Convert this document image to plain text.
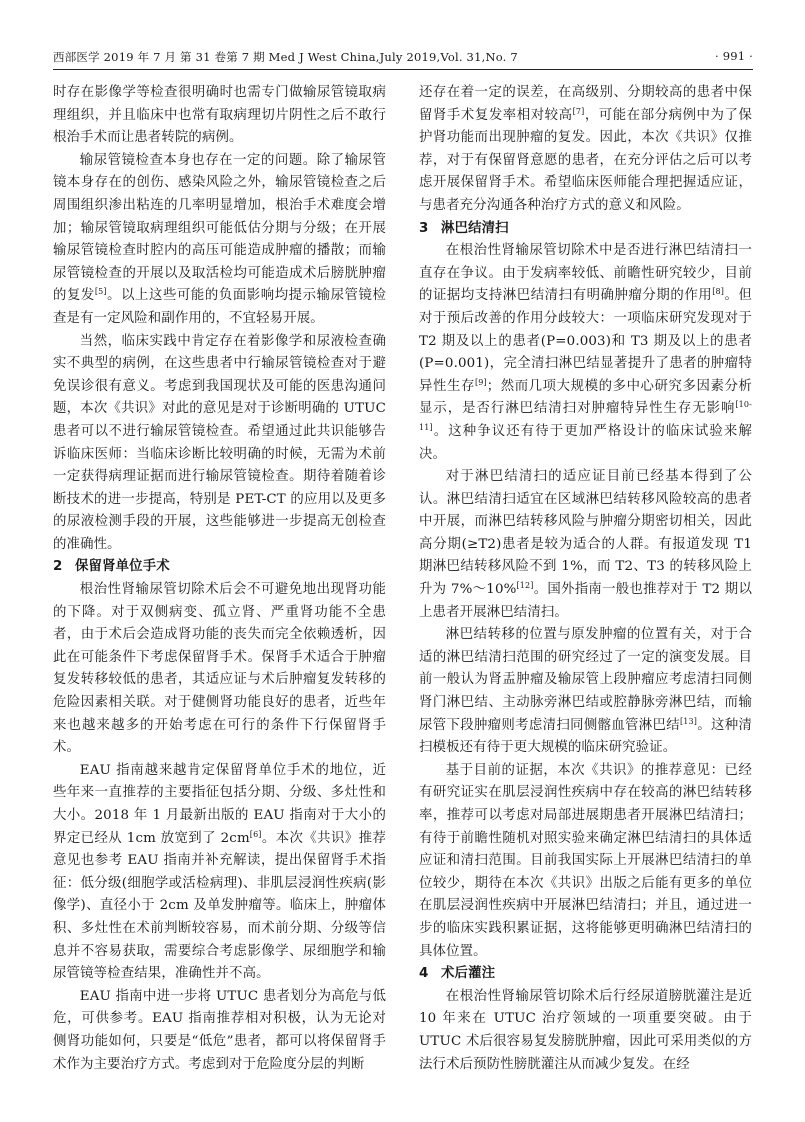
西部医学 2019 年 7 月 第 31 卷第 7 期 Med J West China,July 2019,Vol. 31,No. 7	· 991 ·

时存在影像学等检查很明确时也需专门做输尿管镜取病理组织，并且临床中也常有取病理切片阴性之后不敢行根治手术而让患者转院的病例。

输尿管镜检查本身也存在一定的问题。除了输尿管镜本身存在的创伤、感染风险之外，输尿管镜检查之后周围组织渗出粘连的几率明显增加，根治手术难度会增加；输尿管镜取病理组织可能低估分期与分级；在开展输尿管镜检查时腔内的高压可能造成肿瘤的播散；而输尿管镜检查的开展以及取活检均可能造成术后膀胱肿瘤的复发[5]。以上这些可能的负面影响均提示输尿管镜检查是有一定风险和副作用的，不宜轻易开展。

当然，临床实践中肯定存在着影像学和尿液检查确实不典型的病例，在这些患者中行输尿管镜检查对于避免误诊很有意义。考虑到我国现状及可能的医患沟通问题，本次《共识》对此的意见是对于诊断明确的 UTUC 患者可以不进行输尿管镜检查。希望通过此共识能够告诉临床医师：当临床诊断比较明确的时候，无需为术前一定获得病理证据而进行输尿管镜检查。期待着随着诊断技术的进一步提高，特别是 PET-CT 的应用以及更多的尿液检测手段的开展，这些能够进一步提高无创检查的准确性。

2 保留肾单位手术

根治性肾输尿管切除术后会不可避免地出现肾功能的下降。对于双侧病变、孤立肾、严重肾功能不全患者，由于术后会造成肾功能的丧失而完全依赖透析，因此在可能条件下考虑保留肾手术。保肾手术适合于肿瘤复发转移较低的患者，其适应证与术后肿瘤复发转移的危险因素相关联。对于健侧肾功能良好的患者，近些年来也越来越多的开始考虑在可行的条件下行保留肾手术。

EAU 指南越来越肯定保留肾单位手术的地位，近些年来一直推荐的主要指征包括分期、分级、多灶性和大小。2018 年 1 月最新出版的 EAU 指南对于大小的界定已经从 1cm 放宽到了 2cm[6]。本次《共识》推荐意见也参考 EAU 指南并补充解读，提出保留肾手术指征：低分级(细胞学或活检病理)、非肌层浸润性疾病(影像学)、直径小于 2cm 及单发肿瘤等。临床上，肿瘤体积、多灶性在术前判断较容易，而术前分期、分级等信息并不容易获取，需要综合考虑影像学、尿细胞学和输尿管镜等检查结果，准确性并不高。

EAU 指南中进一步将 UTUC 患者划分为高危与低危，可供参考。EAU 指南推荐相对积极，认为无论对侧肾功能如何，只要是“低危”患者，都可以将保留肾手术作为主要治疗方式。考虑到对于危险度分层的判断

还存在着一定的误差，在高级别、分期较高的患者中保留肾手术复发率相对较高[7]，可能在部分病例中为了保护肾功能而出现肿瘤的复发。因此，本次《共识》仅推荐，对于有保留肾意愿的患者，在充分评估之后可以考虑开展保留肾手术。希望临床医师能合理把握适应证，与患者充分沟通各种治疗方式的意义和风险。

3 淋巴结清扫

在根治性肾输尿管切除术中是否进行淋巴结清扫一直存在争议。由于发病率较低、前瞻性研究较少，目前的证据均支持淋巴结清扫有明确肿瘤分期的作用[8]。但对于预后改善的作用分歧较大：一项临床研究发现对于 T2 期及以上的患者(P=0.003)和 T3 期及以上的患者(P=0.001)，完全清扫淋巴结显著提升了患者的肿瘤特异性生存[9]；然而几项大规模的多中心研究多因素分析显示，是否行淋巴结清扫对肿瘤特异性生存无影响[10-11]。这种争议还有待于更加严格设计的临床试验来解决。

对于淋巴结清扫的适应证目前已经基本得到了公认。淋巴结清扫适宜在区域淋巴结转移风险较高的患者中开展，而淋巴结转移风险与肿瘤分期密切相关，因此高分期(≥T2)患者是较为适合的人群。有报道发现 T1 期淋巴结转移风险不到 1%，而 T2、T3 的转移风险上升为 7%～10%[12]。国外指南一般也推荐对于 T2 期以上患者开展淋巴结清扫。

淋巴结转移的位置与原发肿瘤的位置有关，对于合适的淋巴结清扫范围的研究经过了一定的演变发展。目前一般认为肾盂肿瘤及输尿管上段肿瘤应考虑清扫同侧肾门淋巴结、主动脉旁淋巴结或腔静脉旁淋巴结，而输尿管下段肿瘤则考虑清扫同侧髂血管淋巴结[13]。这种清扫模板还有待于更大规模的临床研究验证。

基于目前的证据，本次《共识》的推荐意见：已经有研究证实在肌层浸润性疾病中存在较高的淋巴结转移率，推荐可以考虑对局部进展期患者开展淋巴结清扫；有待于前瞻性随机对照实验来确定淋巴结清扫的具体适应证和清扫范围。目前我国实际上开展淋巴结清扫的单位较少，期待在本次《共识》出版之后能有更多的单位在肌层浸润性疾病中开展淋巴结清扫；并且，通过进一步的临床实践积累证据，这将能够更明确淋巴结清扫的具体位置。

4 术后灌注

在根治性肾输尿管切除术后行经尿道膀胱灌注是近 10 年来在 UTUC 治疗领域的一项重要突破。由于 UTUC 术后很容易复发膀胱肿瘤，因此可采用类似的方法行术后预防性膀胱灌注从而减少复发。在经
